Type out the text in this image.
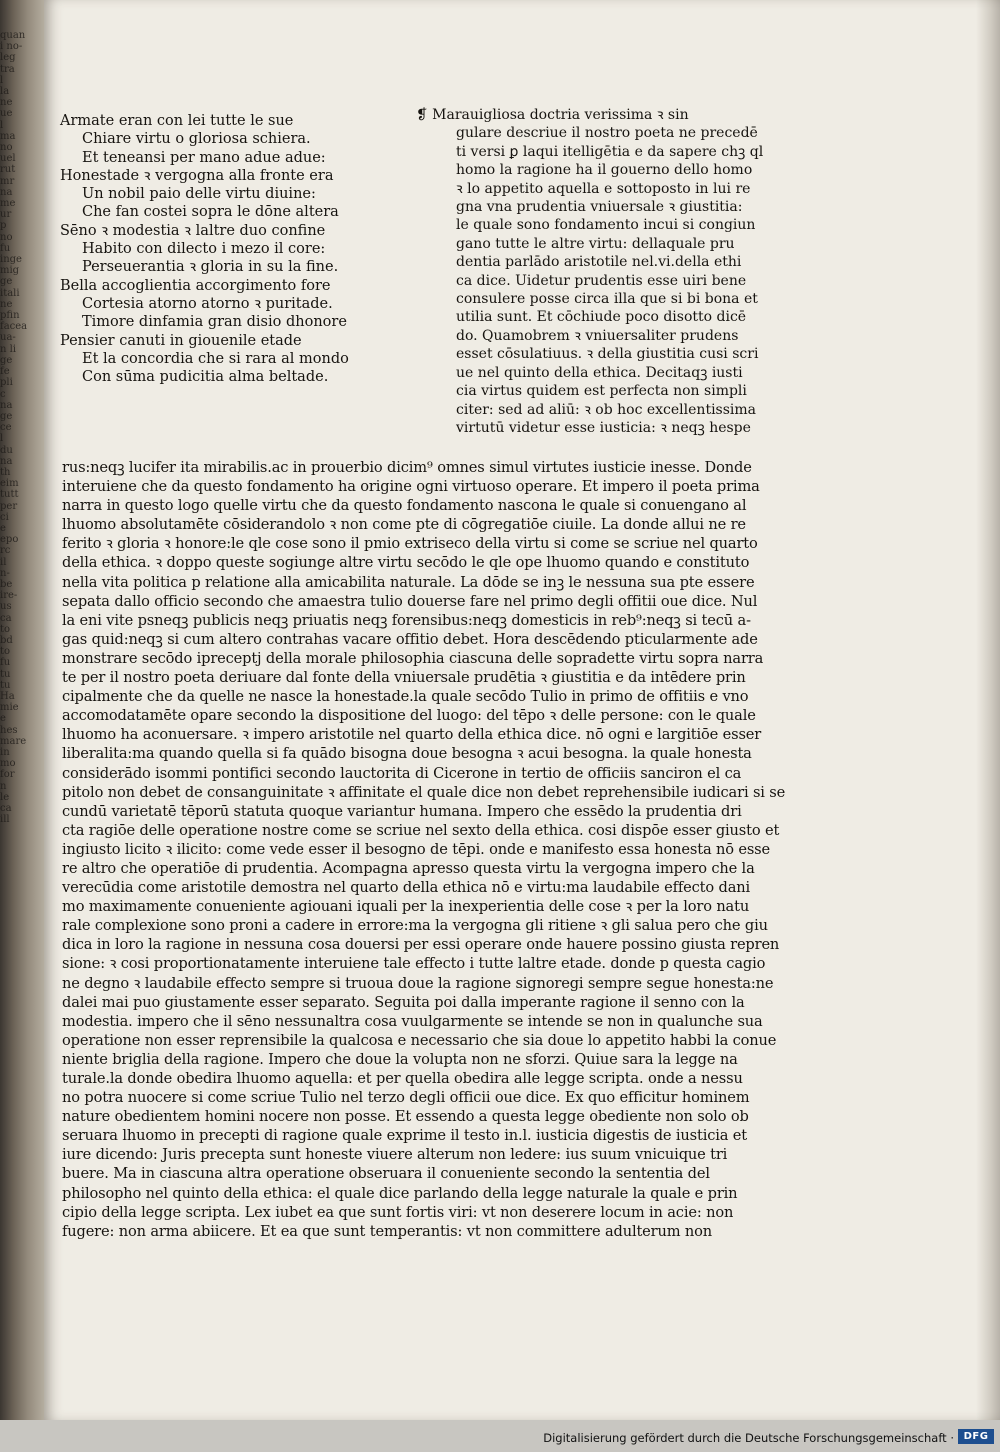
quan
i no-
leg
tra
l
la
ne
ue
l
ma
no
uel
rut
mr
na
me
ur
p
no
fu
inge
mig
ge
itali
ne
pfin
facea
ua-
n li
ge
fe
pli
c
na
ge
ce
l
du
na
th
eim
tutt
per
ci
e
epo
rc
il
n-
be
ire-
us
ca
to
bd
to
fu
tu
tu
Ha
mie
e
hes
mare
in
mo
for
n
le
ca
ill
Armate eran con lei tutte le sue
Chiare virtu o gloriosa schiera.
Et teneansi per mano adue adue:
Honestade ꝛ vergogna alla fronte era
Un nobil paio delle virtu diuine:
Che fan costei sopra le dōne altera
Sēno ꝛ modestia ꝛ laltre duo confine
Habito con dilecto i mezo il core:
Perseuerantia ꝛ gloria in su la fine.
Bella accoglientia accorgimento fore
Cortesia atorno atorno ꝛ puritade.
Timore dinfamia gran disio dhonore
Pensier canuti in giouenile etade
Et la concordia che si rara al mondo
Con sūma pudicitia alma beltade.
❡ Marauigliosa doctria verissima ꝛ sin
gulare descriue il nostro poeta ne precedē
ti versi ꝑ laqui itelligētia e da sapere chꝫ ql
homo la ragione ha il gouerno dello homo
ꝛ lo appetito aquella e sottoposto in lui re
gna vna prudentia vniuersale ꝛ giustitia:
le quale sono fondamento incui si congiun
gano tutte le altre virtu: dellaquale pru
dentia parlādo aristotile nel.vi.della ethi
ca dice. Uidetur prudentis esse uiri bene
consulere posse circa illa que si bi bona et
utilia sunt. Et cōchiude poco disotto dicē
do. Quamobrem ꝛ vniuersaliter prudens
esset cōsulatiuus. ꝛ della giustitia cusi scri
ue nel quinto della ethica. Decitaqꝫ iusti
cia virtus quidem est perfecta non simpli
citer: sed ad aliū: ꝛ ob hoc excellentissima
virtutū videtur esse iusticia: ꝛ neqꝫ hespe
rus:neqꝫ lucifer ita mirabilis.ac in prouerbio dicim⁹ omnes simul virtutes iusticie inesse. Donde
interuiene che da questo fondamento ha origine ogni virtuoso operare. Et impero il poeta prima
narra in questo logo quelle virtu che da questo fondamento nascona le quale si conuengano al
lhuomo absolutamēte cōsiderandolo ꝛ non come pte di cōgregatiōe ciuile. La donde allui ne re
ferito ꝛ gloria ꝛ honore:le qle cose sono il pmio extriseco della virtu si come se scriue nel quarto
della ethica. ꝛ doppo queste sogiunge altre virtu secōdo le qle ope lhuomo quando e constituto
nella vita politica p relatione alla amicabilita naturale. La dōde se inꝫ le nessuna sua pte essere
sepata dallo officio secondo che amaestra tulio douerse fare nel primo degli offitii oue dice. Nul
la eni vite psneqꝫ publicis neqꝫ priuatis neqꝫ forensibus:neqꝫ domesticis in reb⁹:neqꝫ si tecū a-
gas quid:neqꝫ si cum altero contrahas vacare offitio debet. Hora descēdendo pticularmente ade
monstrare secōdo ipreceptj della morale philosophia ciascuna delle sopradette virtu sopra narra
te per il nostro poeta deriuare dal fonte della vniuersale prudētia ꝛ giustitia e da intēdere prin
cipalmente che da quelle ne nasce la honestade.la quale secōdo Tulio in primo de offitiis e vno
accomodatamēte opare secondo la dispositione del luogo: del tēpo ꝛ delle persone: con le quale
lhuomo ha aconuersare. ꝛ impero aristotile nel quarto della ethica dice. nō ogni e largitiōe esser
liberalita:ma quando quella si fa quādo bisogna doue besogna ꝛ acui besogna. la quale honesta
considerādo isommi pontifici secondo lauctorita di Cicerone in tertio de officiis sanciron el ca
pitolo non debet de consanguinitate ꝛ affinitate el quale dice non debet reprehensibile iudicari si se
cundū varietatē tēporū statuta quoque variantur humana. Impero che essēdo la prudentia dri
cta ragiōe delle operatione nostre come se scriue nel sexto della ethica. cosi dispōe esser giusto et
ingiusto licito ꝛ ilicito: come vede esser il besogno de tēpi. onde e manifesto essa honesta nō esse
re altro che operatiōe di prudentia. Acompagna apresso questa virtu la vergogna impero che la
verecūdia come aristotile demostra nel quarto della ethica nō e virtu:ma laudabile effecto dani
mo maximamente conueniente agiouani iquali per la inexperientia delle cose ꝛ per la loro natu
rale complexione sono proni a cadere in errore:ma la vergogna gli ritiene ꝛ gli salua pero che giu
dica in loro la ragione in nessuna cosa douersi per essi operare onde hauere possino giusta repren
sione: ꝛ cosi proportionatamente interuiene tale effecto i tutte laltre etade. donde p questa cagio
ne degno ꝛ laudabile effecto sempre si truoua doue la ragione signoregi sempre segue honesta:ne
dalei mai puo giustamente esser separato. Seguita poi dalla imperante ragione il senno con la
modestia. impero che il sēno nessunaltra cosa vuulgarmente se intende se non in qualunche sua
operatione non esser reprensibile la qualcosa e necessario che sia doue lo appetito habbi la conue
niente briglia della ragione. Impero che doue la volupta non ne sforzi. Quiue sara la legge na
turale.la donde obedira lhuomo aquella: et per quella obedira alle legge scripta. onde a nessu
no potra nuocere si come scriue Tulio nel terzo degli officii oue dice. Ex quo efficitur hominem
nature obedientem homini nocere non posse. Et essendo a questa legge obediente non solo ob
seruara lhuomo in precepti di ragione quale exprime il testo in.l. iusticia digestis de iusticia et
iure dicendo: Juris precepta sunt honeste viuere alterum non ledere: ius suum vnicuique tri
buere. Ma in ciascuna altra operatione obseruara il conueniente secondo la sententia del
philosopho nel quinto della ethica: el quale dice parlando della legge naturale la quale e prin
cipio della legge scripta. Lex iubet ea que sunt fortis viri: vt non deserere locum in acie: non
fugere: non arma abiicere. Et ea que sunt temperantis: vt non committere adulterum non
Digitalisierung gefördert durch die Deutsche Forschungsgemeinschaft · DFG
